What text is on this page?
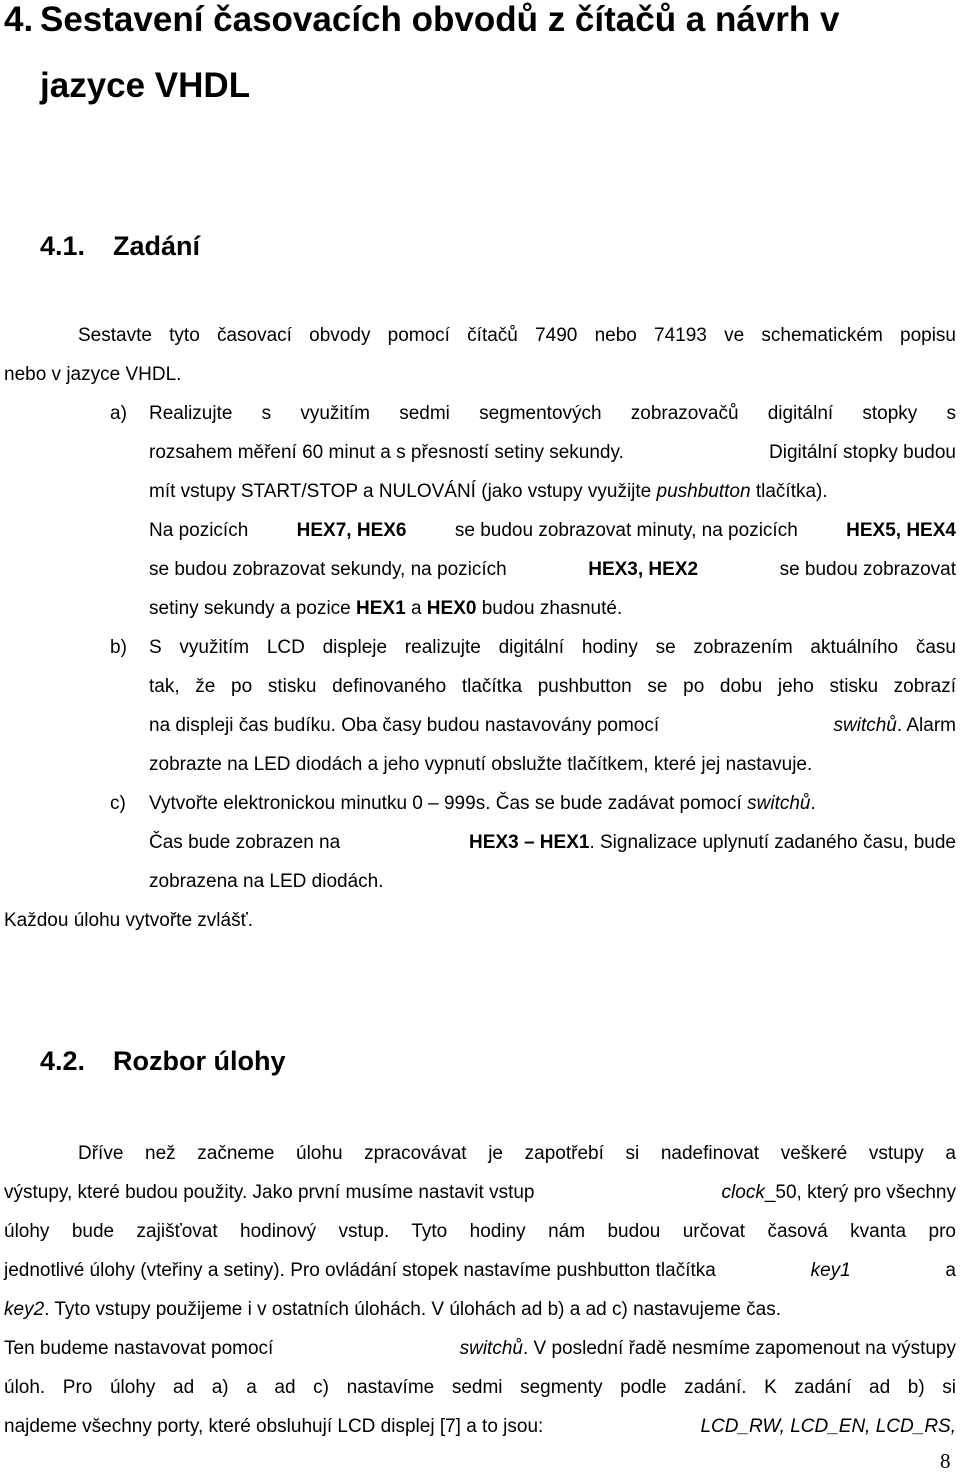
4. Sestavení časovacích obvodů z čítačů a návrh v
jazyce VHDL
4.1. Zadání
Sestavte tyto časovací obvody pomocí čítačů 7490 nebo 74193 ve schematickém popisu
nebo v jazyce VHDL.
a) Realizujte s využitím sedmi segmentových zobrazovačů digitální stopky s
rozsahem měření 60 minut a s přesností setiny sekundy.	Digitální stopky budou
mít vstupy START/STOP a NULOVÁNÍ (jako vstupy využijte pushbutton tlačítka).
Na pozicích	HEX7, HEX6	se budou zobrazovat minuty, na pozicích	HEX5, HEX4
se budou zobrazovat sekundy, na pozicích	HEX3, HEX2	se budou zobrazovat
setiny sekundy a pozice HEX1 a HEX0 budou zhasnuté.
b) S využitím LCD displeje realizujte digitální hodiny se zobrazením aktuálního času
tak, že po stisku definovaného tlačítka pushbutton se po dobu jeho stisku zobrazí
na displeji čas budíku. Oba časy budou nastavovány pomocí	switchů. Alarm
zobrazte na LED diodách a jeho vypnutí obslužte tlačítkem, které jej nastavuje.
c) Vytvořte elektronickou minutku 0 – 999s. Čas se bude zadávat pomocí switchů.
Čas bude zobrazen na	HEX3 – HEX1. Signalizace uplynutí zadaného času, bude
zobrazena na LED diodách.
Každou úlohu vytvořte zvlášť.
4.2. Rozbor úlohy
Dříve než začneme úlohu zpracovávat je zapotřebí si nadefinovat veškeré vstupy a
výstupy, které budou použity. Jako první musíme nastavit vstup	clock_50, který pro všechny
úlohy bude zajišťovat hodinový vstup. Tyto hodiny nám budou určovat časová kvanta pro
jednotlivé úlohy (vteřiny a setiny). Pro ovládání stopek nastavíme pushbutton tlačítka	key1	a
key2. Tyto vstupy použijeme i v ostatních úlohách. V úlohách ad b) a ad c) nastavujeme čas.
Ten budeme nastavovat pomocí	switchů. V poslední řadě nesmíme zapomenout na výstupy
úloh. Pro úlohy ad a) a ad c) nastavíme sedmi segmenty podle zadání. K zadání ad b) si
najdeme všechny porty, které obsluhují LCD displej [7] a to jsou:	LCD_RW, LCD_EN, LCD_RS,
8
